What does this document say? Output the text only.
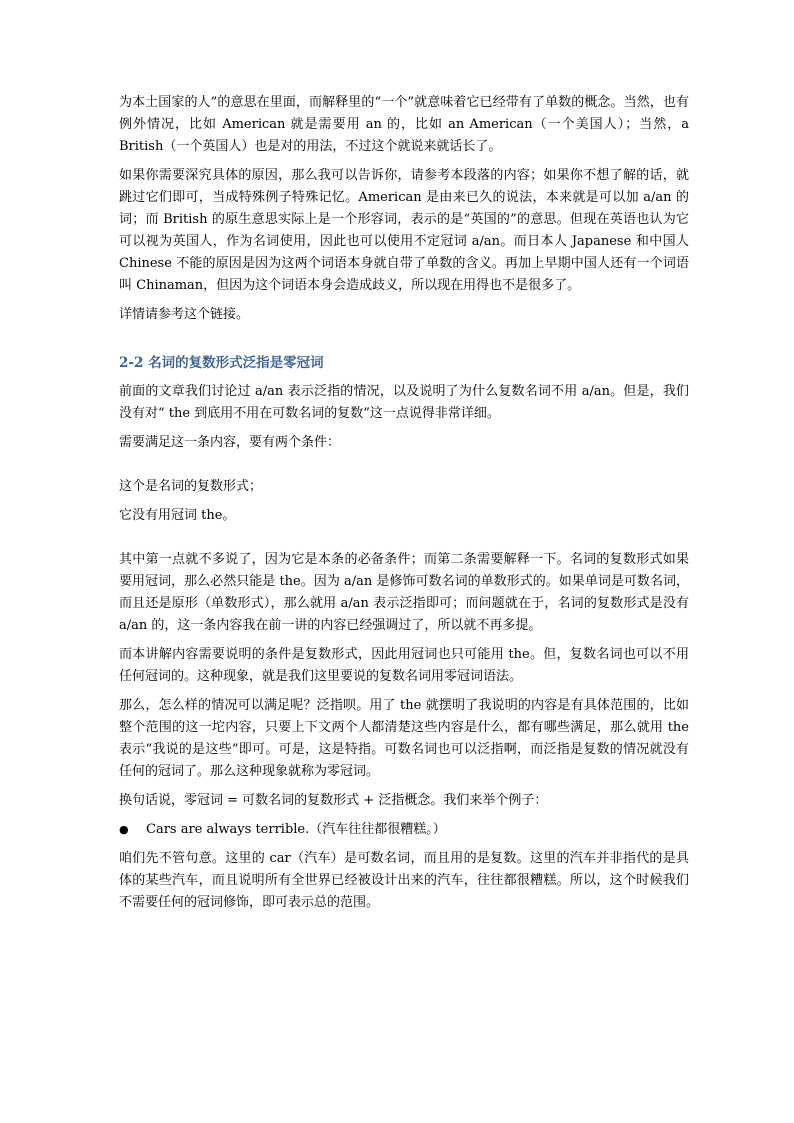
为本土国家的人”的意思在里面，而解释里的“一个”就意味着它已经带有了单数的概念。当然，也有例外情况，比如 American 就是需要用 an 的，比如 an American（一个美国人）；当然，a British（一个英国人）也是对的用法，不过这个就说来就话长了。

如果你需要深究具体的原因，那么我可以告诉你，请参考本段落的内容；如果你不想了解的话，就跳过它们即可，当成特殊例子特殊记忆。American 是由来已久的说法，本来就是可以加 a/an 的词；而 British 的原生意思实际上是一个形容词，表示的是“英国的”的意思。但现在英语也认为它可以视为英国人，作为名词使用，因此也可以使用不定冠词 a/an。而日本人 Japanese 和中国人 Chinese 不能的原因是因为这两个词语本身就自带了单数的含义。再加上早期中国人还有一个词语叫 Chinaman，但因为这个词语本身会造成歧义，所以现在用得也不是很多了。

详情请参考这个链接。

2-2 名词的复数形式泛指是零冠词

前面的文章我们讨论过 a/an 表示泛指的情况，以及说明了为什么复数名词不用 a/an。但是，我们没有对“ the 到底用不用在可数名词的复数”这一点说得非常详细。

需要满足这一条内容，要有两个条件：

这个是名词的复数形式；

它没有用冠词 the。

其中第一点就不多说了，因为它是本条的必备条件；而第二条需要解释一下。名词的复数形式如果要用冠词，那么必然只能是 the。因为 a/an 是修饰可数名词的单数形式的。如果单词是可数名词，而且还是原形（单数形式），那么就用 a/an 表示泛指即可；而问题就在于，名词的复数形式是没有 a/an 的，这一条内容我在前一讲的内容已经强调过了，所以就不再多提。

而本讲解内容需要说明的条件是复数形式，因此用冠词也只可能用 the。但，复数名词也可以不用任何冠词的。这种现象，就是我们这里要说的复数名词用零冠词语法。

那么，怎么样的情况可以满足呢？泛指呗。用了 the 就摆明了我说明的内容是有具体范围的，比如整个范围的这一坨内容，只要上下文两个人都清楚这些内容是什么，都有哪些满足，那么就用 the 表示“我说的是这些”即可。可是，这是特指。可数名词也可以泛指啊，而泛指是复数的情况就没有任何的冠词了。那么这种现象就称为零冠词。

换句话说，零冠词 = 可数名词的复数形式 + 泛指概念。我们来举个例子：

●	Cars are always terrible.（汽车往往都很糟糕。）

咱们先不管句意。这里的 car（汽车）是可数名词，而且用的是复数。这里的汽车并非指代的是具体的某些汽车，而且说明所有全世界已经被设计出来的汽车，往往都很糟糕。所以，这个时候我们不需要任何的冠词修饰，即可表示总的范围。
